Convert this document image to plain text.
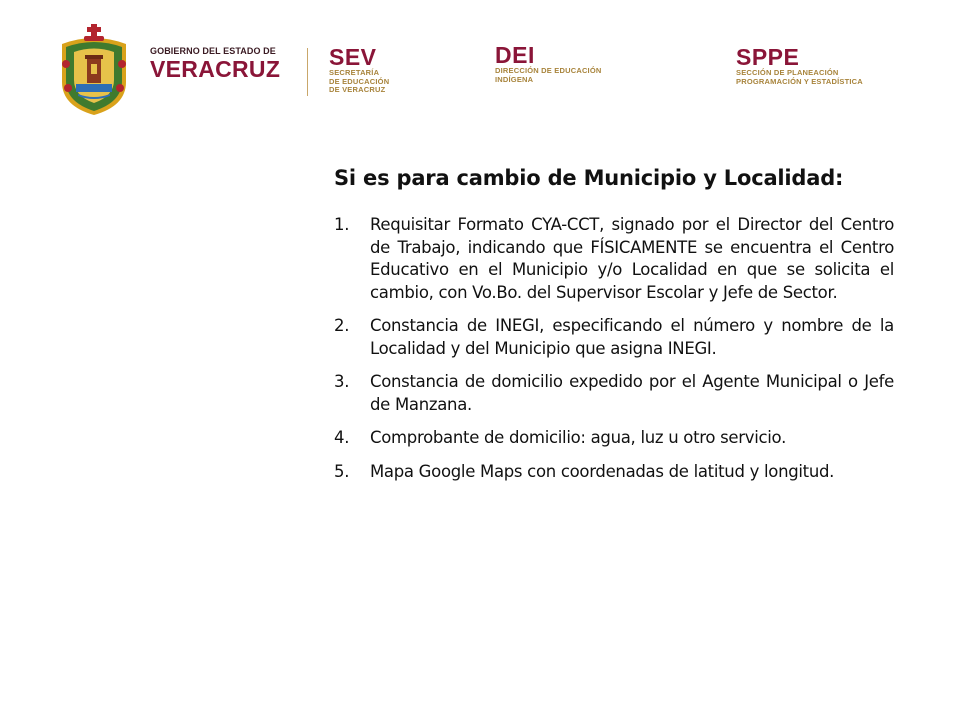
GOBIERNO DEL ESTADO DE
VERACRUZ SEV
SECRETARÍA
DE EDUCACIÓN
DE VERACRUZ
DEI
DIRECCIÓN DE EDUCACIÓN
INDÍGENA
SPPE
SECCIÓN DE PLANEACIÓN
PROGRAMACIÓN Y ESTADÍSTICA
Si es para cambio de Municipio y Localidad:
1.	Requisitar Formato CYA-CCT, signado por el Director del Centro de Trabajo, indicando que FÍSICAMENTE se encuentra el Centro Educativo en el Municipio y/o Localidad en que se solicita el cambio, con Vo.Bo. del Supervisor Escolar y Jefe de Sector.
2.	Constancia de INEGI, especificando el número y nombre de la Localidad y del Municipio que asigna INEGI.
3.	Constancia de domicilio expedido por el Agente Municipal o Jefe de Manzana.
4.	Comprobante de domicilio: agua, luz u otro servicio.
5.	Mapa Google Maps con coordenadas de latitud y longitud.
